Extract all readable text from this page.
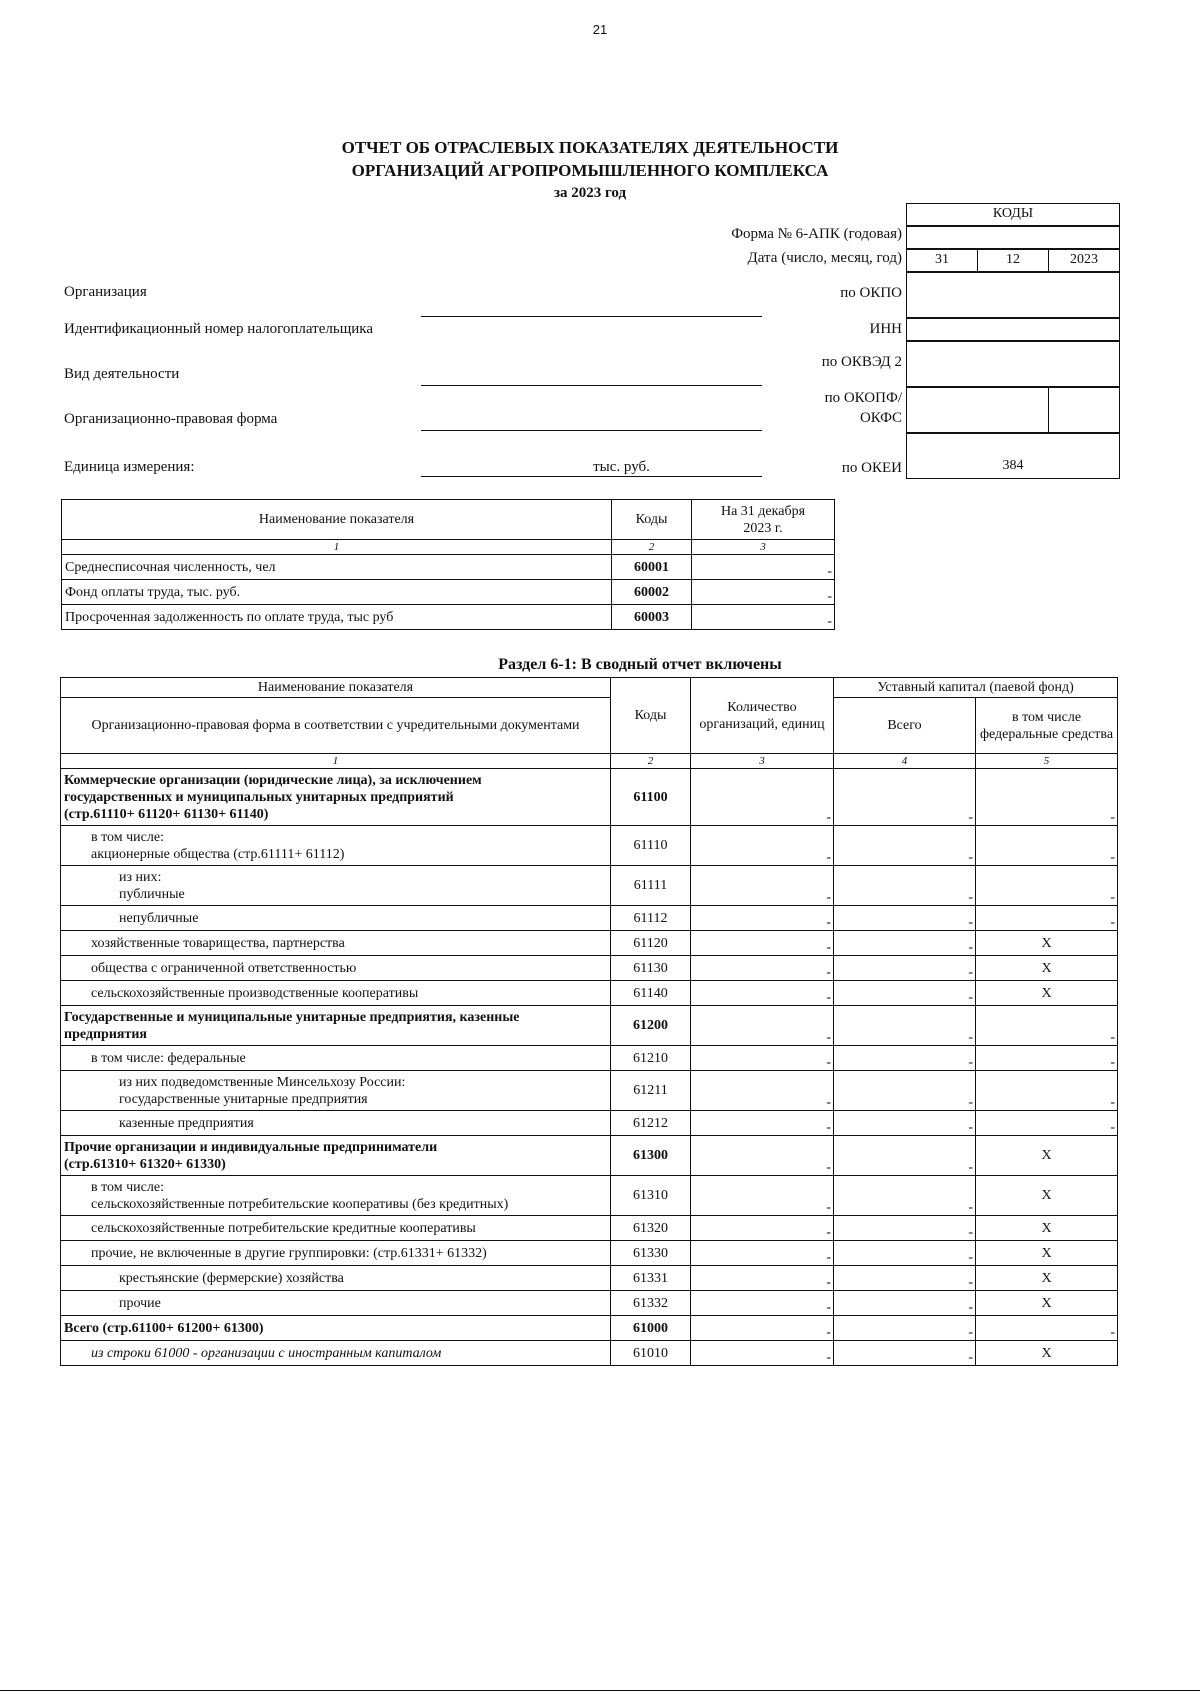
21
ОТЧЕТ ОБ ОТРАСЛЕВЫХ ПОКАЗАТЕЛЯХ ДЕЯТЕЛЬНОСТИ
ОРГАНИЗАЦИЙ АГРОПРОМЫШЛЕННОГО КОМПЛЕКСА
за 2023 год
КОДЫ
Форма № 6-АПК (годовая)
Дата (число, месяц, год)	31	12	2023
по ОКПО
ИНН
по ОКВЭД 2
по ОКОПФ/
ОКФС
по ОКЕИ	384
Организация
Идентификационный номер налогоплательщика
Вид деятельности
Организационно-правовая форма
Единица измерения:	тыс. руб.
Наименование показателя	Коды	На 31 декабря
2023 г.
1	2	3
Среднесписочная численность, чел	60001	-
Фонд оплаты труда, тыс. руб.	60002	-
Просроченная задолженность по оплате труда, тыс руб	60003	-
Раздел 6-1: В сводный отчет включены
Наименование показателя	Коды	Количество организаций, единиц	Уставный капитал (паевой фонд)	
Организационно-правовая форма в соответствии с учредительными документами			Всего	в том числе федеральные средства
1	2	3	4	5
Коммерческие организации (юридические лица), за исключением
государственных и муниципальных унитарных предприятий
(стр.61110+ 61120+ 61130+ 61140)	61100	-	-	-
в том числе:
акционерные общества (стр.61111+ 61112)	61110	-	-	-
из них:
публичные	61111	-	-	-
непубличные	61112	-	-	-
хозяйственные товарищества, партнерства	61120	-	-	X
общества с ограниченной ответственностью	61130	-	-	X
сельскохозяйственные производственные кооперативы	61140	-	-	X
Государственные и муниципальные унитарные предприятия, казенные
предприятия	61200	-	-	-
в том числе: федеральные	61210	-	-	-
из них подведомственные Минсельхозу России:
государственные унитарные предприятия	61211	-	-	-
казенные предприятия	61212	-	-	-
Прочие организации и индивидуальные предприниматели
(стр.61310+ 61320+ 61330)	61300	-	-	X
в том числе:
сельскохозяйственные потребительские кооперативы (без кредитных)	61310	-	-	X
сельскохозяйственные потребительские кредитные кооперативы	61320	-	-	X
прочие, не включенные в другие группировки: (стр.61331+ 61332)	61330	-	-	X
крестьянские (фермерские) хозяйства	61331	-	-	X
прочие	61332	-	-	X
Всего (стр.61100+ 61200+ 61300)	61000	-	-	-
из строки 61000 - организации с иностранным капиталом	61010	-	-	X
